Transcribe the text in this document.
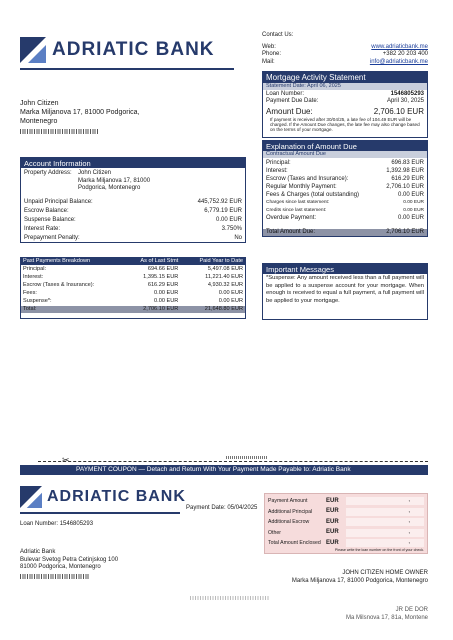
ADRIATIC BANK
Contact Us:
Web:	www.adriaticbank.me
Phone:	+382 20 203 400
Mail:	info@adriaticbank.me
John Citizen
Marka Miljanova 17, 81000 Podgorica,
Montenegro
Mortgage Activity Statement
Statement Date: April 06, 2025
Loan Number:	1546805293
Payment Due Date:	April 30, 2025
Amount Due:	2,706.10 EUR
If payment is received after 30/04/25, a late fee of 104.49 EUR will be charged. If the Amount Due changes, the late fee may also change based on the terms of your mortgage.
Explanation of Amount Due
Contractual Amount Due
Principal:	696.83 EUR
Interest:	1,392.98 EUR
Escrow (Taxes and Insurance):	616.29 EUR
Regular Monthly Payment:	2,706.10 EUR
Fees & Charges (total outstanding)	0.00 EUR
Charges since last statement:	0.00 EUR
Credits since last statement:	0.00 EUR
Overdue Payment:	0.00 EUR
Total Amount Due:	2,706.10 EUR
Account Information
Property Address:	John Citizen
Marka Miljanova 17, 81000
Podgorica, Montenegro
Unpaid Principal Balance:	445,752.92 EUR
Escrow Balance:	6,779.19 EUR
Suspense Balance:	0.00 EUR
Interest Rate:	3.750%
Prepayment Penalty:	No
Past Payments Breakdown	As of Last Stmt	Paid Year to Date
Principal:	694.66 EUR	5,497.08 EUR
Interest:	1,395.15 EUR	11,221.40 EUR
Escrow (Taxes & Insurance):	616.29 EUR	4,930.32 EUR
Fees:	0.00 EUR	0.00 EUR
Suspense*:	0.00 EUR	0.00 EUR
Total:	2,706.10 EUR	21,648.80 EUR
Important Messages
*Suspense: Any amount received less than a full payment will be applied to a suspense account for your mortgage. When enough is received to equal a full payment, a full payment will be applied to your mortgage.
✂
PAYMENT COUPON — Detach and Return With Your Payment Made Payable to: Adriatic Bank
ADRIATIC BANK
Payment Date: 05/04/2025
Loan Number: 1546805293
Payment Amount	EUR	,
Additional Principal	EUR	,
Additional Escrow	EUR	,
Other	EUR	,
Total Amount Enclosed EUR	,
Please write the loan number on the front of your check.
Adriatic Bank
Bulevar Svetog Petra Cetinjskog 100
81000 Podgorica, Montenegro
JOHN CITIZEN HOME OWNER
Marka Miljanova 17, 81000 Podgorica, Montenegro
JR DE DOR
Ma Milsnova 17, 81a, Montene
